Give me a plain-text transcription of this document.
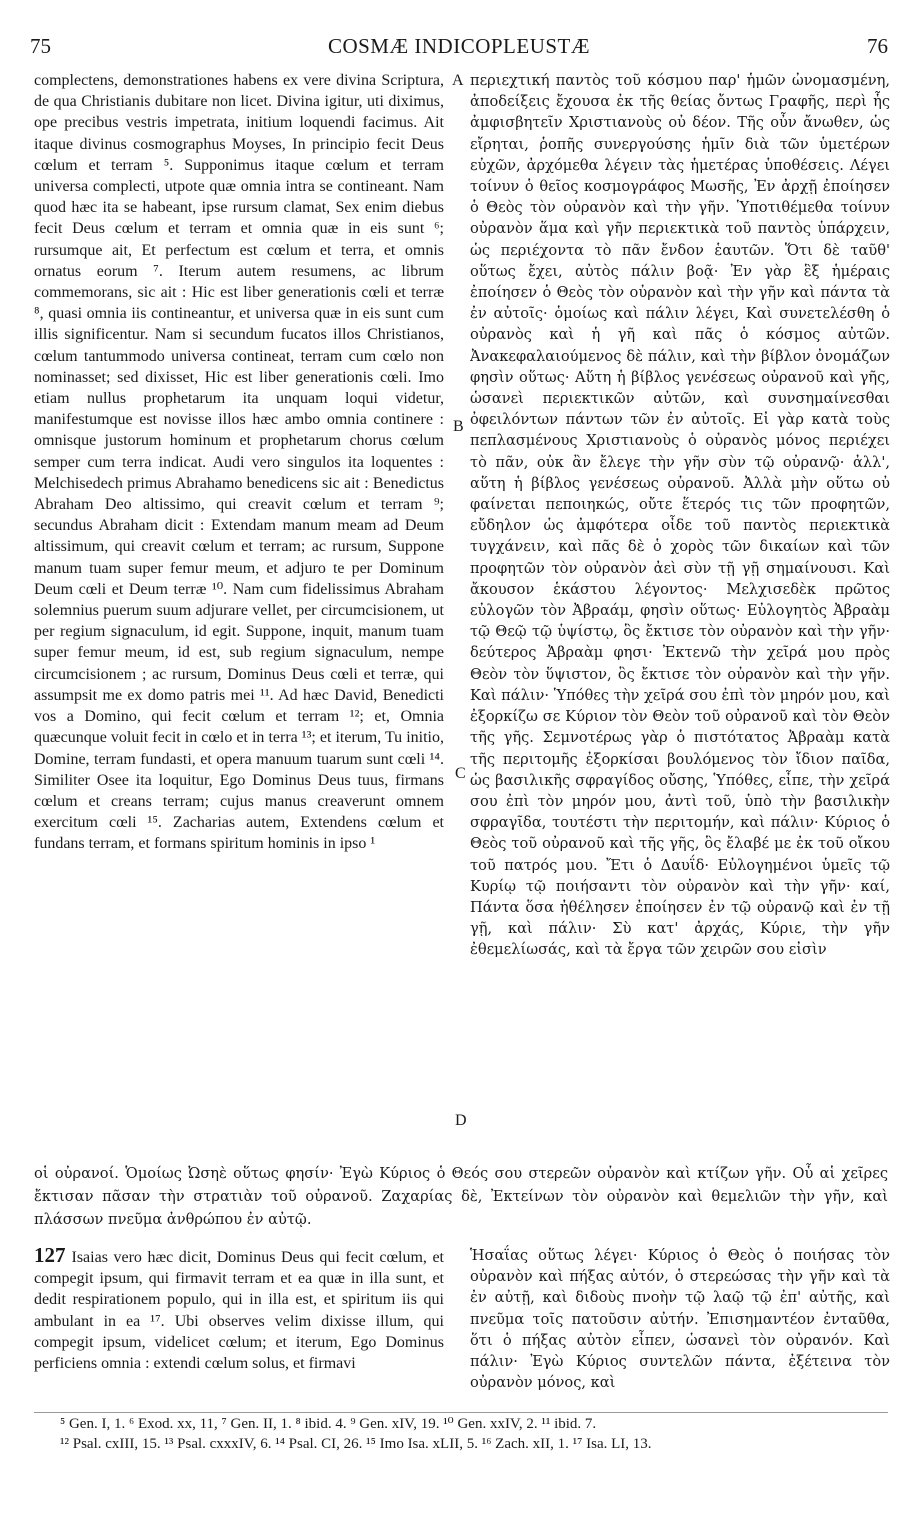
75	COSMÆ INDICOPLEUSTÆ	76
A
B
C
D

complectens, demonstrationes habens ex vere divina Scriptura, de qua Christianis dubitare non licet. Divina igitur, uti diximus, ope precibus vestris impetrata, initium loquendi facimus. Ait itaque divinus cosmographus Moyses, In principio fecit Deus cœlum et terram ⁵. Supponimus itaque cœlum et terram universa complecti, utpote quæ omnia intra se contineant. Nam quod hæc ita se habeant, ipse rursum clamat, Sex enim diebus fecit Deus cœlum et terram et omnia quæ in eis sunt ⁶; rursumque ait, Et perfectum est cœlum et terra, et omnis ornatus eorum ⁷. Iterum autem resumens, ac librum commemorans, sic ait : Hic est liber generationis cœli et terræ ⁸, quasi omnia iis contineantur, et universa quæ in eis sunt cum illis significentur. Nam si secundum fucatos illos Christianos, cœlum tantummodo universa contineat, terram cum cœlo non nominasset; sed dixisset, Hic est liber generationis cœli. Imo etiam nullus prophetarum ita unquam loqui videtur, manifestumque est novisse illos hæc ambo omnia continere : omnisque justorum hominum et prophetarum chorus cœlum semper cum terra indicat. Audi vero singulos ita loquentes : Melchisedech primus Abrahamo benedicens sic ait : Benedictus Abraham Deo altissimo, qui creavit cœlum et terram ⁹; secundus Abraham dicit : Extendam manum meam ad Deum altissimum, qui creavit cœlum et terram; ac rursum, Suppone manum tuam super femur meum, et adjuro te per Dominum Deum cœli et Deum terræ ¹⁰. Nam cum fidelissimus Abraham solemnius puerum suum adjurare vellet, per circumcisionem, ut per regium signaculum, id egit. Suppone, inquit, manum tuam super femur meum, id est, sub regium signaculum, nempe circumcisionem ; ac rursum, Dominus Deus cœli et terræ, qui assumpsit me ex domo patris mei ¹¹. Ad hæc David, Benedicti vos a Domino, qui fecit cœlum et terram ¹²; et, Omnia quæcunque voluit fecit in cœlo et in terra ¹³; et iterum, Tu initio, Domine, terram fundasti, et opera manuum tuarum sunt cœli ¹⁴. Similiter Osee ita loquitur, Ego Dominus Deus tuus, firmans cœlum et creans terram; cujus manus creaverunt omnem exercitum cœli ¹⁵. Zacharias autem, Extendens cœlum et fundans terram, et formans spiritum hominis in ipso ¹

περιεχτική παντὸς τοῦ κόσμου παρ' ἡμῶν ὠνομασμένη, ἀποδείξεις ἔχουσα ἐκ τῆς θείας ὄντως Γραφῆς, περὶ ἧς ἀμφισβητεῖν Χριστιανοὺς οὐ δέον. Τῆς οὖν ἄνωθεν, ὡς εἴρηται, ῥοπῆς συνεργούσης ἡμῖν διὰ τῶν ὑμετέρων εὐχῶν, ἀρχόμεθα λέγειν τὰς ἡμετέρας ὑποθέσεις. Λέγει τοίνυν ὁ θεῖος κοσμογράφος Μωσῆς, Ἐν ἀρχῇ ἐποίησεν ὁ Θεὸς τὸν οὐρανὸν καὶ τὴν γῆν. Ὑποτιθέμεθα τοίνυν οὐρανὸν ἅμα καὶ γῆν περιεκτικὰ τοῦ παντὸς ὑπάρχειν, ὡς περιέχοντα τὸ πᾶν ἔνδον ἑαυτῶν. Ὅτι δὲ ταῦθ' οὕτως ἔχει, αὐτὸς πάλιν βοᾷ· Ἐν γὰρ ἓξ ἡμέραις ἐποίησεν ὁ Θεὸς τὸν οὐρανὸν καὶ τὴν γῆν καὶ πάντα τὰ ἐν αὐτοῖς· ὁμοίως καὶ πάλιν λέγει, Καὶ συνετελέσθη ὁ οὐρανὸς καὶ ἡ γῆ καὶ πᾶς ὁ κόσμος αὐτῶν. Ἀνακεφαλαιούμενος δὲ πάλιν, καὶ τὴν βίβλον ὀνομάζων φησὶν οὕτως· Αὕτη ἡ βίβλος γενέσεως οὐρανοῦ καὶ γῆς, ὡσανεὶ περιεκτικῶν αὐτῶν, καὶ συνσημαίνεσθαι ὀφειλόντων πάντων τῶν ἐν αὐτοῖς. Εἰ γὰρ κατὰ τοὺς πεπλασμένους Χριστιανοὺς ὁ οὐρανὸς μόνος περιέχει τὸ πᾶν, οὐκ ἂν ἔλεγε τὴν γῆν σὺν τῷ οὐρανῷ· ἀλλ', αὕτη ἡ βίβλος γενέσεως οὐρανοῦ. Ἀλλὰ μὴν οὕτω οὐ φαίνεται πεποιηκώς, οὔτε ἕτερός τις τῶν προφητῶν, εὔδηλον ὡς ἀμφότερα οἶδε τοῦ παντὸς περιεκτικὰ τυγχάνειν, καὶ πᾶς δὲ ὁ χορὸς τῶν δικαίων καὶ τῶν προφητῶν τὸν οὐρανὸν ἀεὶ σὺν τῇ γῇ σημαίνουσι. Καὶ ἄκουσον ἑκάστου λέγοντος· Μελχισεδὲκ πρῶτος εὐλογῶν τὸν Ἀβραάμ, φησὶν οὕτως· Εὐλογητὸς Ἀβραὰμ τῷ Θεῷ τῷ ὑψίστῳ, ὃς ἔκτισε τὸν οὐρανὸν καὶ τὴν γῆν· δεύτερος Ἀβραὰμ φησι· Ἐκτενῶ τὴν χεῖρά μου πρὸς Θεὸν τὸν ὕψιστον, ὃς ἔκτισε τὸν οὐρανὸν καὶ τὴν γῆν. Καὶ πάλιν· Ὑπόθες τὴν χεῖρά σου ἐπὶ τὸν μηρόν μου, καὶ ἐξορκίζω σε Κύριον τὸν Θεὸν τοῦ οὐρανοῦ καὶ τὸν Θεὸν τῆς γῆς. Σεμνοτέρως γὰρ ὁ πιστότατος Ἀβραὰμ κατὰ τῆς περιτομῆς ἐξορκίσαι βουλόμενος τὸν ἴδιον παῖδα, ὡς βασιλικῆς σφραγίδος οὔσης, Ὑπόθες, εἶπε, τὴν χεῖρά σου ἐπὶ τὸν μηρόν μου, ἀντὶ τοῦ, ὑπὸ τὴν βασιλικὴν σφραγῖδα, τουτέστι τὴν περιτομήν, καὶ πάλιν· Κύριος ὁ Θεὸς τοῦ οὐρανοῦ καὶ τῆς γῆς, ὃς ἔλαβέ με ἐκ τοῦ οἴκου τοῦ πατρός μου. Ἔτι ὁ Δαυΐδ· Εὐλογημένοι ὑμεῖς τῷ Κυρίῳ τῷ ποιήσαντι τὸν οὐρανὸν καὶ τὴν γῆν· καί, Πάντα ὅσα ἠθέλησεν ἐποίησεν ἐν τῷ οὐρανῷ καὶ ἐν τῇ γῇ, καὶ πάλιν· Σὺ κατ' ἀρχάς, Κύριε, τὴν γῆν ἐθεμελίωσάς, καὶ τὰ ἔργα τῶν χειρῶν σου εἰσὶν

οἱ οὐρανοί. Ὁμοίως Ὠσηὲ οὕτως φησίν· Ἐγὼ Κύριος ὁ Θεός σου στερεῶν οὐρανὸν καὶ κτίζων γῆν. Οὗ αἱ χεῖρες ἔκτισαν πᾶσαν τὴν στρατιὰν τοῦ οὐρανοῦ. Ζαχαρίας δὲ, Ἐκτείνων τὸν οὐρανὸν καὶ θεμελιῶν τὴν γῆν, καὶ πλάσσων πνεῦμα ἀνθρώπου ἐν αὐτῷ.

127 Isaias vero hæc dicit, Dominus Deus qui fecit cœlum, et compegit ipsum, qui firmavit terram et ea quæ in illa sunt, et dedit respirationem populo, qui in illa est, et spiritum iis qui ambulant in ea ¹⁷. Ubi observes velim dixisse illum, qui compegit ipsum, videlicet cœlum; et iterum, Ego Dominus perficiens omnia : extendi cœlum solus, et firmavi

Ἡσαΐας οὕτως λέγει· Κύριος ὁ Θεὸς ὁ ποιήσας τὸν οὐρανὸν καὶ πήξας αὐτόν, ὁ στερεώσας τὴν γῆν καὶ τὰ ἐν αὐτῇ, καὶ διδοὺς πνοὴν τῷ λαῷ τῷ ἐπ' αὐτῆς, καὶ πνεῦμα τοῖς πατοῦσιν αὐτήν. Ἐπισημαντέον ἐνταῦθα, ὅτι ὁ πήξας αὐτὸν εἶπεν, ὡσανεὶ τὸν οὐρανόν. Καὶ πάλιν· Ἐγὼ Κύριος συντελῶν πάντα, ἐξέτεινα τὸν οὐρανὸν μόνος, καὶ

⁵ Gen. I, 1. ⁶ Exod. xx, 11, ⁷ Gen. II, 1. ⁸ ibid. 4. ⁹ Gen. xIV, 19. ¹⁰ Gen. xxIV, 2. ¹¹ ibid. 7.

¹² Psal. cxIII, 15. ¹³ Psal. cxxxIV, 6. ¹⁴ Psal. CI, 26. ¹⁵ Imo Isa. xLII, 5. ¹⁶ Zach. xII, 1. ¹⁷ Isa. LI, 13.
